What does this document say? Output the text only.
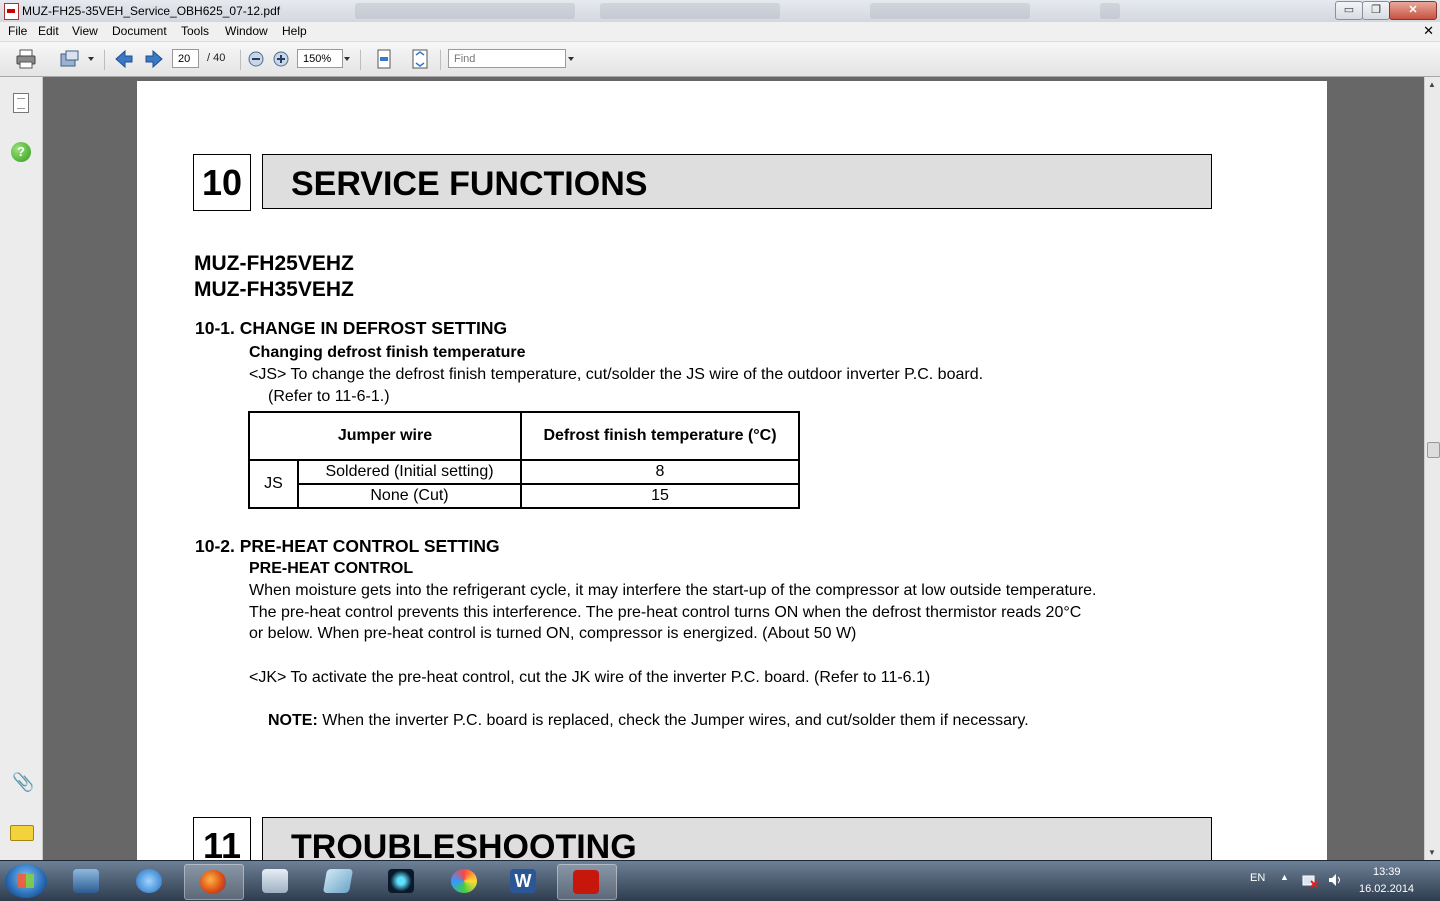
MUZ-FH25-35VEH_Service_OBH625_07-12.pdf	▭	❐	✕
File Edit View Document Tools Window Help	✕
20	/ 40	150%	Find
?
📎
10	SERVICE FUNCTIONS
MUZ-FH25VEHZ
MUZ-FH35VEHZ
10-1. CHANGE IN DEFROST SETTING
Changing defrost finish temperature
<JS> To change the defrost finish temperature, cut/solder the JS wire of the outdoor inverter P.C. board.
(Refer to 11-6-1.)
Jumper wire		Defrost finish temperature (°C)
JS	Soldered (Initial setting)	8
	None (Cut)	15
10-2. PRE-HEAT CONTROL SETTING
PRE-HEAT CONTROL
When moisture gets into the refrigerant cycle, it may interfere the start-up of the compressor at low outside temperature.
The pre-heat control prevents this interference. The pre-heat control turns ON when the defrost thermistor reads 20°C
or below. When pre-heat control is turned ON, compressor is energized. (About 50 W)
<JK> To activate the pre-heat control, cut the JK wire of the inverter P.C. board. (Refer to 11-6.1)
NOTE: When the inverter P.C. board is replaced, check the Jumper wires, and cut/solder them if necessary.
11	TROUBLESHOOTING
▲
▼
W	EN ▲	13:39
16.02.2014
